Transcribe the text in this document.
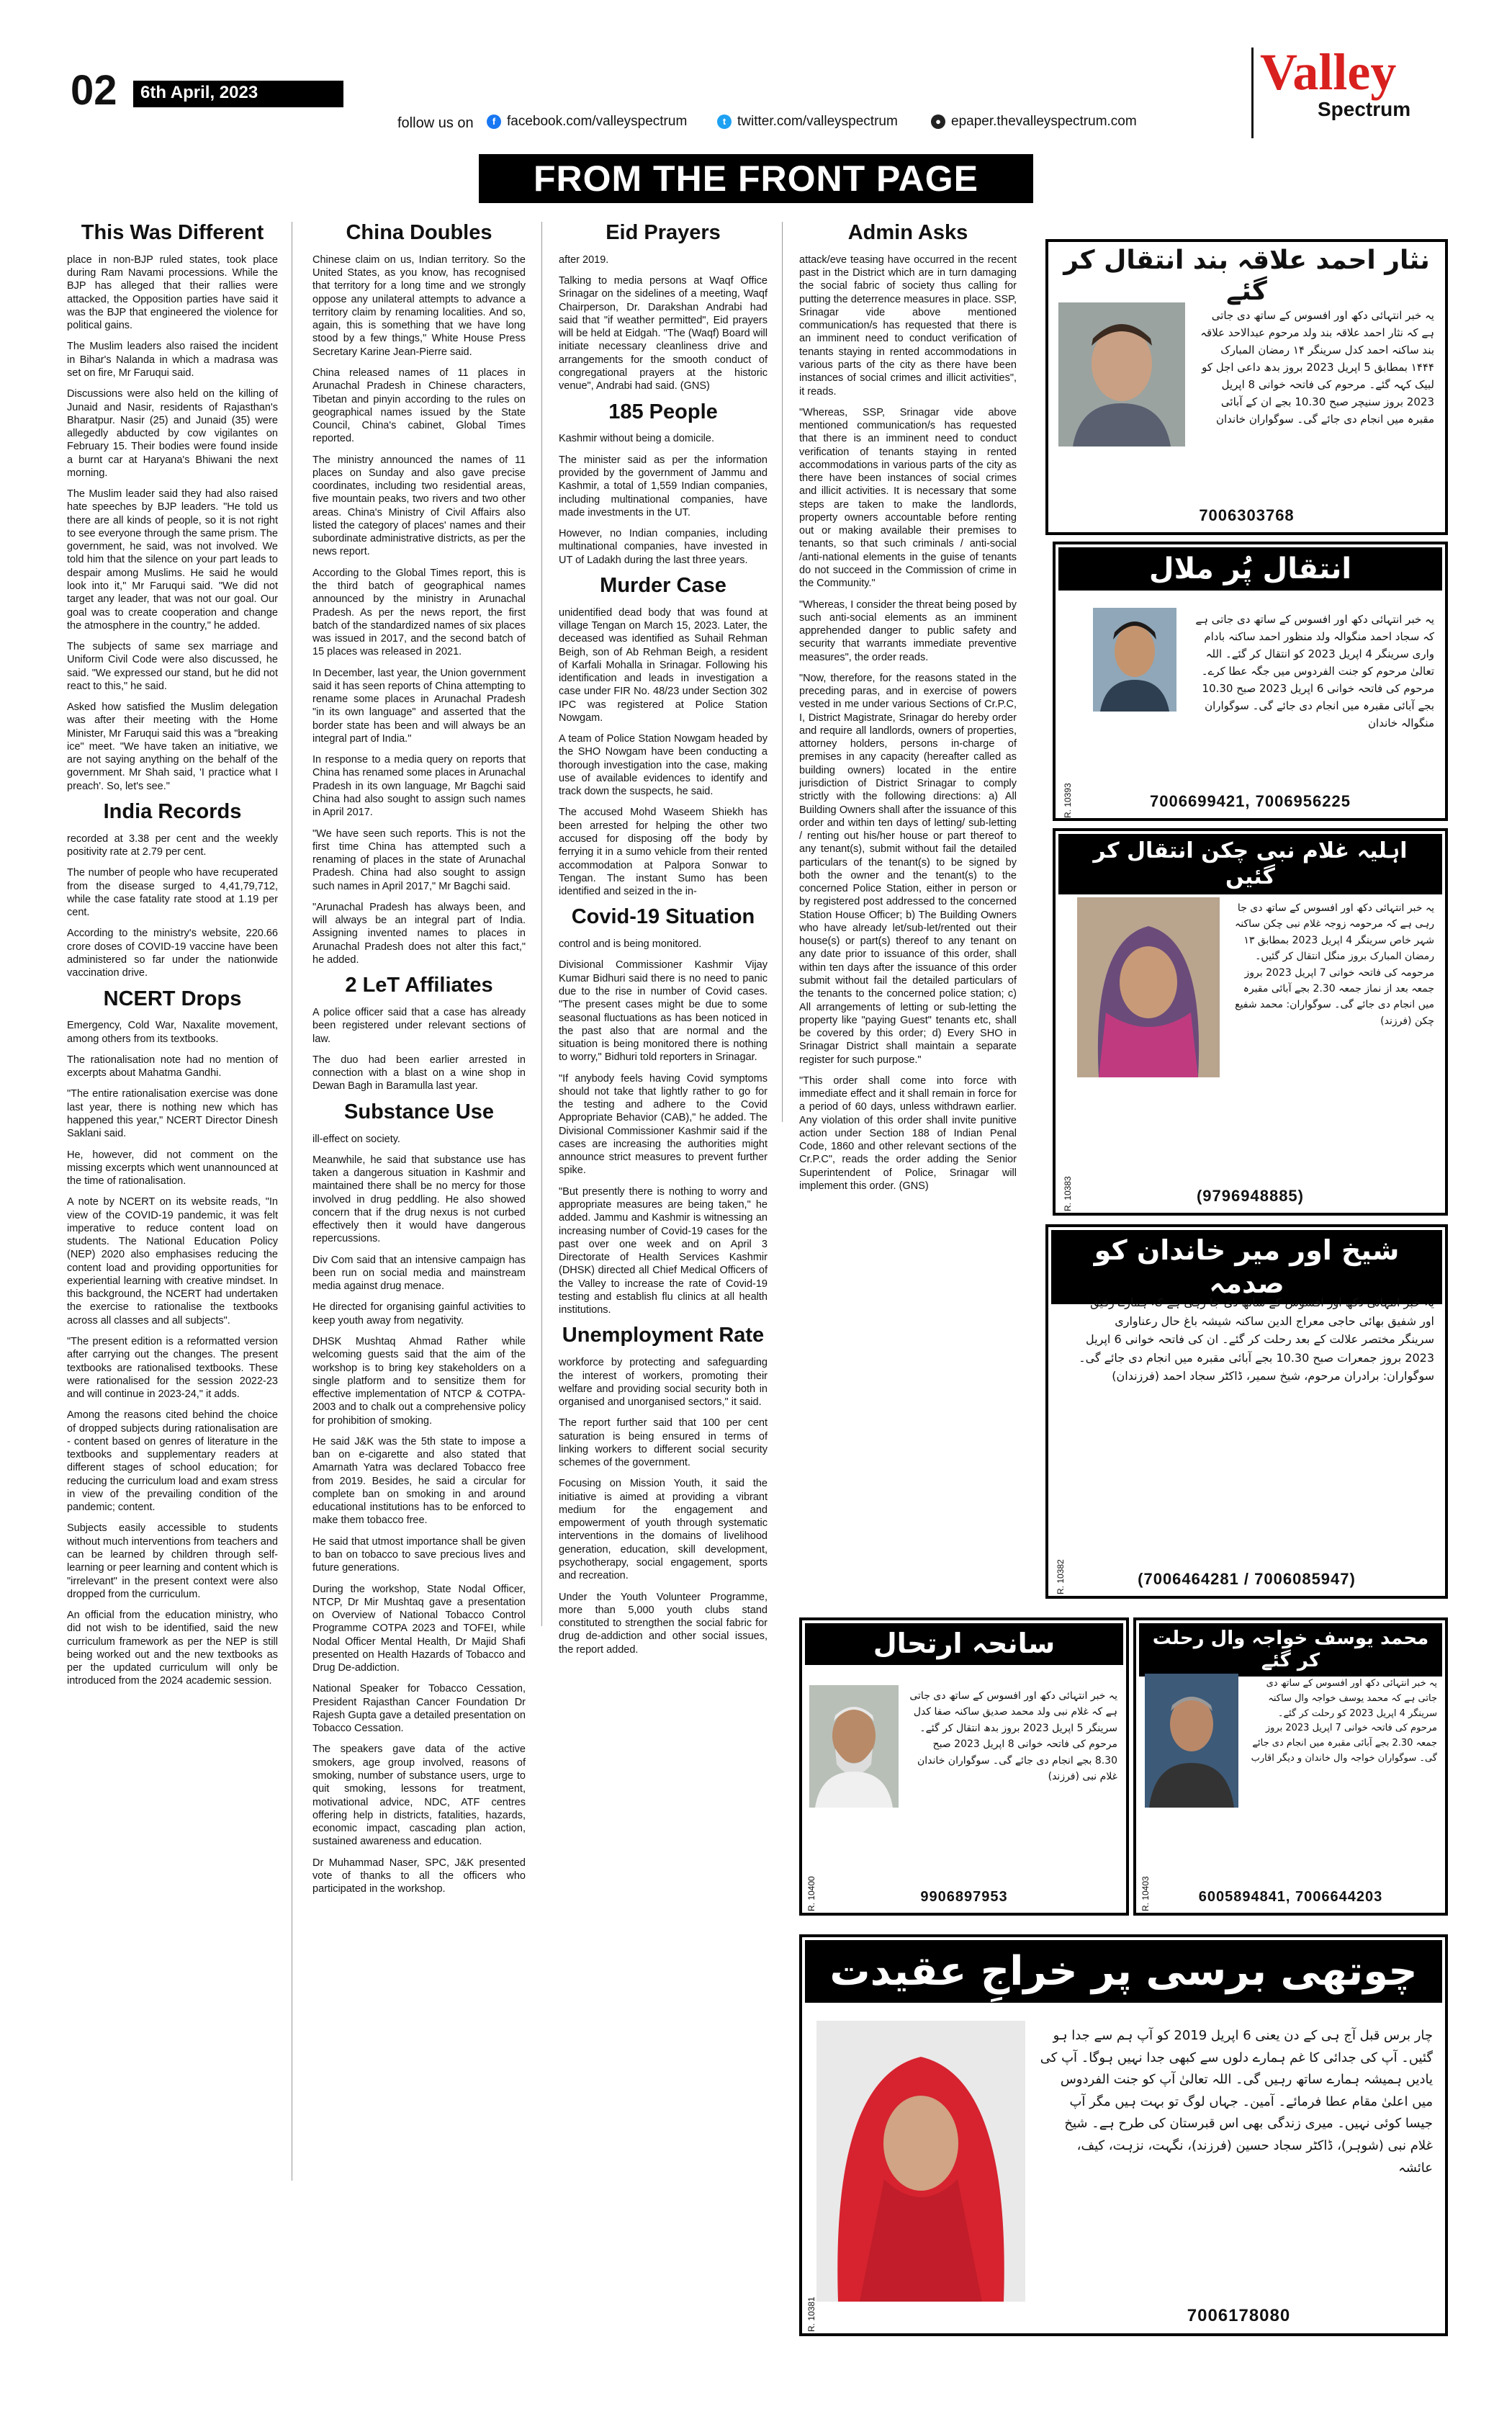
02	6th April, 2023
follow us on	f facebook.com/valleyspectrum	t twitter.com/valleyspectrum	● epaper.thevalleyspectrum.com
Valley
Spectrum
FROM THE FRONT PAGE
This Was Different

place in non-BJP ruled states, took place during Ram Navami processions. While the BJP has alleged that their rallies were attacked, the Opposition parties have said it was the BJP that engineered the violence for political gains.

The Muslim leaders also raised the incident in Bihar's Nalanda in which a madrasa was set on fire, Mr Faruqui said.

Discussions were also held on the killing of Junaid and Nasir, residents of Rajasthan's Bharatpur. Nasir (25) and Junaid (35) were allegedly abducted by cow vigilantes on February 15. Their bodies were found inside a burnt car at Haryana's Bhiwani the next morning.

The Muslim leader said they had also raised hate speeches by BJP leaders. "He told us there are all kinds of people, so it is not right to see everyone through the same prism. The government, he said, was not involved. We told him that the silence on your part leads to despair among Muslims. He said he would look into it," Mr Faruqui said. "We did not target any leader, that was not our goal. Our goal was to create cooperation and change the atmosphere in the country," he added.

The subjects of same sex marriage and Uniform Civil Code were also discussed, he said. "We expressed our stand, but he did not react to this," he said.

Asked how satisfied the Muslim delegation was after their meeting with the Home Minister, Mr Faruqui said this was a "breaking ice" meet. "We have taken an initiative, we are not saying anything on the behalf of the government. Mr Shah said, 'I practice what I preach'. So, let's see."

India Records

recorded at 3.38 per cent and the weekly positivity rate at 2.79 per cent.

The number of people who have recuperated from the disease surged to 4,41,79,712, while the case fatality rate stood at 1.19 per cent.

According to the ministry's website, 220.66 crore doses of COVID-19 vaccine have been administered so far under the nationwide vaccination drive.

NCERT Drops

Emergency, Cold War, Naxalite movement, among others from its textbooks.

The rationalisation note had no mention of excerpts about Mahatma Gandhi.

"The entire rationalisation exercise was done last year, there is nothing new which has happened this year," NCERT Director Dinesh Saklani said.

He, however, did not comment on the missing excerpts which went unannounced at the time of rationalisation.

A note by NCERT on its website reads, "In view of the COVID-19 pandemic, it was felt imperative to reduce content load on students. The National Education Policy (NEP) 2020 also emphasises reducing the content load and providing opportunities for experiential learning with creative mindset. In this background, the NCERT had undertaken the exercise to rationalise the textbooks across all classes and all subjects".

"The present edition is a reformatted version after carrying out the changes. The present textbooks are rationalised textbooks. These were rationalised for the session 2022-23 and will continue in 2023-24," it adds.

Among the reasons cited behind the choice of dropped subjects during rationalisation are - content based on genres of literature in the textbooks and supplementary readers at different stages of school education; for reducing the curriculum load and exam stress in view of the prevailing condition of the pandemic; content.

Subjects easily accessible to students without much interventions from teachers and can be learned by children through self-learning or peer learning and content which is "irrelevant" in the present context were also dropped from the curriculum.

An official from the education ministry, who did not wish to be identified, said the new curriculum framework as per the NEP is still being worked out and the new textbooks as per the updated curriculum will only be introduced from the 2024 academic session.

China Doubles

Chinese claim on us, Indian territory. So the United States, as you know, has recognised that territory for a long time and we strongly oppose any unilateral attempts to advance a territory claim by renaming localities. And so, again, this is something that we have long stood by a few things," White House Press Secretary Karine Jean-Pierre said.

China released names of 11 places in Arunachal Pradesh in Chinese characters, Tibetan and pinyin according to the rules on geographical names issued by the State Council, China's cabinet, Global Times reported.

The ministry announced the names of 11 places on Sunday and also gave precise coordinates, including two residential areas, five mountain peaks, two rivers and two other areas. China's Ministry of Civil Affairs also listed the category of places' names and their subordinate administrative districts, as per the news report.

According to the Global Times report, this is the third batch of geographical names announced by the ministry in Arunachal Pradesh. As per the news report, the first batch of the standardized names of six places was issued in 2017, and the second batch of 15 places was released in 2021.

In December, last year, the Union government said it has seen reports of China attempting to rename some places in Arunachal Pradesh "in its own language" and asserted that the border state has been and will always be an integral part of India."

In response to a media query on reports that China has renamed some places in Arunachal Pradesh in its own language, Mr Bagchi said China had also sought to assign such names in April 2017.

"We have seen such reports. This is not the first time China has attempted such a renaming of places in the state of Arunachal Pradesh. China had also sought to assign such names in April 2017," Mr Bagchi said.

"Arunachal Pradesh has always been, and will always be an integral part of India. Assigning invented names to places in Arunachal Pradesh does not alter this fact," he added.

2 LeT Affiliates

A police officer said that a case has already been registered under relevant sections of law.

The duo had been earlier arrested in connection with a blast on a wine shop in Dewan Bagh in Baramulla last year.

Substance Use

ill-effect on society.

Meanwhile, he said that substance use has taken a dangerous situation in Kashmir and maintained there shall be no mercy for those involved in drug peddling. He also showed concern that if the drug nexus is not curbed effectively then it would have dangerous repercussions.

Div Com said that an intensive campaign has been run on social media and mainstream media against drug menace.

He directed for organising gainful activities to keep youth away from negativity.

DHSK Mushtaq Ahmad Rather while welcoming guests said that the aim of the workshop is to bring key stakeholders on a single platform and to sensitize them for effective implementation of NTCP & COTPA-2003 and to chalk out a comprehensive policy for prohibition of smoking.

He said J&K was the 5th state to impose a ban on e-cigarette and also stated that Amarnath Yatra was declared Tobacco free from 2019. Besides, he said a circular for complete ban on smoking in and around educational institutions has to be enforced to make them tobacco free.

He said that utmost importance shall be given to ban on tobacco to save precious lives and future generations.

During the workshop, State Nodal Officer, NTCP, Dr Mir Mushtaq gave a presentation on Overview of National Tobacco Control Programme COTPA 2023 and TOFEI, while Nodal Officer Mental Health, Dr Majid Shafi presented on Health Hazards of Tobacco and Drug De-addiction.

National Speaker for Tobacco Cessation, President Rajasthan Cancer Foundation Dr Rajesh Gupta gave a detailed presentation on Tobacco Cessation.

The speakers gave data of the active smokers, age group involved, reasons of smoking, number of substance users, urge to quit smoking, lessons for treatment, motivational advice, NDC, ATF centres offering help in districts, fatalities, hazards, economic impact, cascading plan action, sustained awareness and education.

Dr Muhammad Naser, SPC, J&K presented vote of thanks to all the officers who participated in the workshop.

Eid Prayers

after 2019.

Talking to media persons at Waqf Office Srinagar on the sidelines of a meeting, Waqf Chairperson, Dr. Darakshan Andrabi had said that "if weather permitted", Eid prayers will be held at Eidgah. "The (Waqf) Board will initiate necessary cleanliness drive and arrangements for the smooth conduct of congregational prayers at the historic venue", Andrabi had said. (GNS)

185 People

Kashmir without being a domicile.

The minister said as per the information provided by the government of Jammu and Kashmir, a total of 1,559 Indian companies, including multinational companies, have made investments in the UT.

However, no Indian companies, including multinational companies, have invested in UT of Ladakh during the last three years.

Murder Case

unidentified dead body that was found at village Tengan on March 15, 2023. Later, the deceased was identified as Suhail Rehman Beigh, son of Ab Rehman Beigh, a resident of Karfali Mohalla in Srinagar. Following his identification and leads in investigation a case under FIR No. 48/23 under Section 302 IPC was registered at Police Station Nowgam.

A team of Police Station Nowgam headed by the SHO Nowgam have been conducting a thorough investigation into the case, making use of available evidences to identify and track down the suspects, he said.

The accused Mohd Waseem Shiekh has been arrested for helping the other two accused for disposing off the body by ferrying it in a sumo vehicle from their rented accommodation at Palpora Sonwar to Tengan. The instant Sumo has been identified and seized in the in-

Covid-19 Situation

control and is being monitored.

Divisional Commissioner Kashmir Vijay Kumar Bidhuri said there is no need to panic due to the rise in number of Covid cases. "The present cases might be due to some seasonal fluctuations as has been noticed in the past also that are normal and the situation is being monitored there is nothing to worry," Bidhuri told reporters in Srinagar.

"If anybody feels having Covid symptoms should not take that lightly rather to go for the testing and adhere to the Covid Appropriate Behavior (CAB)," he added. The Divisional Commissioner Kashmir said if the cases are increasing the authorities might announce strict measures to prevent further spike.

"But presently there is nothing to worry and appropriate measures are being taken," he added. Jammu and Kashmir is witnessing an increasing number of Covid-19 cases for the past over one week and on April 3 Directorate of Health Services Kashmir (DHSK) directed all Chief Medical Officers of the Valley to increase the rate of Covid-19 testing and establish flu clinics at all health institutions.

Unemployment Rate

workforce by protecting and safeguarding the interest of workers, promoting their welfare and providing social security both in organised and unorganised sectors," it said.

The report further said that 100 per cent saturation is being ensured in terms of linking workers to different social security schemes of the government.

Focusing on Mission Youth, it said the initiative is aimed at providing a vibrant medium for the engagement and empowerment of youth through systematic interventions in the domains of livelihood generation, education, skill development, psychotherapy, social engagement, sports and recreation.

Under the Youth Volunteer Programme, more than 5,000 youth clubs stand constituted to strengthen the social fabric for drug de-addiction and other social issues, the report added.

Admin Asks

attack/eve teasing have occurred in the recent past in the District which are in turn damaging the social fabric of society thus calling for putting the deterrence measures in place. SSP, Srinagar vide above mentioned communication/s has requested that there is an imminent need to conduct verification of tenants staying in rented accommodations in various parts of the city as there have been instances of social crimes and illicit activities", it reads.

"Whereas, SSP, Srinagar vide above mentioned communication/s has requested that there is an imminent need to conduct verification of tenants staying in rented accommodations in various parts of the city as there have been instances of social crimes and illicit activities. It is necessary that some steps are taken to make the landlords, property owners accountable before renting out or making available their premises to tenants, so that such criminals / anti-social /anti-national elements in the guise of tenants do not succeed in the Commission of crime in the Community."

"Whereas, I consider the threat being posed by such anti-social elements as an imminent apprehended danger to public safety and security that warrants immediate preventive measures", the order reads.

"Now, therefore, for the reasons stated in the preceding paras, and in exercise of powers vested in me under various Sections of Cr.P.C, I, District Magistrate, Srinagar do hereby order and require all landlords, owners of properties, attorney holders, persons in-charge of premises in any capacity (hereafter called as building owners) located in the entire jurisdiction of District Srinagar to comply strictly with the following directions: a) All Building Owners shall after the issuance of this order and within ten days of letting/ sub-letting / renting out his/her house or part thereof to any tenant(s), submit without fail the detailed particulars of the tenant(s) to be signed by both the owner and the tenant(s) to the concerned Police Station, either in person or by registered post addressed to the concerned Station House Officer; b) The Building Owners who have already let/sub-let/rented out their house(s) or part(s) thereof to any tenant on any date prior to issuance of this order, shall within ten days after the issuance of this order submit without fail the detailed particulars of the tenants to the concerned police station; c) All arrangements of letting or sub-letting the property like "paying Guest" tenants etc, shall be covered by this order; d) Every SHO in Srinagar District shall maintain a separate register for such purpose."

"This order shall come into force with immediate effect and it shall remain in force for a period of 60 days, unless withdrawn earlier. Any violation of this order shall invite punitive action under Section 188 of Indian Penal Code, 1860 and other relevant sections of the Cr.P.C", reads the order adding the Senior Superintendent of Police, Srinagar will implement this order. (GNS)

نثار احمد علاقہ بند انتقال کر گئے
یہ خبر انتہائی دکھ اور افسوس کے ساتھ دی جاتی ہے کہ نثار احمد علاقہ بند ولد مرحوم عبدالاحد علاقہ بند ساکنہ احمد کدل سرینگر ۱۴ رمضان المبارک ۱۴۴۴ بمطابق 5 اپریل 2023 بروز بدھ داعی اجل کو لبیک کہہ گئے۔ مرحوم کی فاتحہ خوانی 8 اپریل 2023 بروز سنیچر صبح 10.30 بجے ان کے آبائی مقبرہ میں انجام دی جائے گی۔ سوگواران خاندان
7006303768
انتقال پُر ملال
یہ خبر انتہائی دکھ اور افسوس کے ساتھ دی جاتی ہے کہ سجاد احمد منگوالہ ولد منظور احمد ساکنہ بادام واری سرینگر 4 اپریل 2023 کو انتقال کر گئے۔ اللہ تعالیٰ مرحوم کو جنت الفردوس میں جگہ عطا کرے۔ مرحوم کی فاتحہ خوانی 6 اپریل 2023 صبح 10.30 بجے آبائی مقبرہ میں انجام دی جائے گی۔ سوگواران منگوالہ خاندان
7006699421, 7006956225
R. 10393
اہلیہ غلام نبی چکن انتقال کر گئیں
یہ خبر انتہائی دکھ اور افسوس کے ساتھ دی جا رہی ہے کہ مرحومہ زوجہ غلام نبی چکن ساکنہ شہر خاص سرینگر 4 اپریل 2023 بمطابق ۱۳ رمضان المبارک بروز منگل انتقال کر گئیں۔ مرحومہ کی فاتحہ خوانی 7 اپریل 2023 بروز جمعہ بعد از نماز جمعہ 2.30 بجے آبائی مقبرہ میں انجام دی جائے گی۔ سوگواران: محمد شفیع چکن (فرزند)
(9796948885)
R. 10383
شیخ اور میر خاندان کو صدمہ
یہ خبر انتہائی دکھ اور افسوس کے ساتھ دی جا رہی ہے کہ ہمارے رفیق اور شفیق بھائی حاجی معراج الدین ساکنہ شیشہ باغ حال رعناواری سرینگر مختصر علالت کے بعد رحلت کر گئے۔ ان کی فاتحہ خوانی 6 اپریل 2023 بروز جمعرات صبح 10.30 بجے آبائی مقبرہ میں انجام دی جائے گی۔ سوگواران: برادران مرحوم، شیخ سمیر، ڈاکٹر سجاد احمد (فرزندان)
(7006464281 / 7006085947)
R. 10382
سانحہ ارتحال
یہ خبر انتہائی دکھ اور افسوس کے ساتھ دی جاتی ہے کہ غلام نبی ولد محمد صدیق ساکنہ صفا کدل سرینگر 5 اپریل 2023 بروز بدھ انتقال کر گئے۔ مرحوم کی فاتحہ خوانی 8 اپریل 2023 صبح 8.30 بجے انجام دی جائے گی۔ سوگواران خاندان غلام نبی (فرزند)
9906897953
R. 10400
محمد یوسف خواجہ وال رحلت کر گئے
یہ خبر انتہائی دکھ اور افسوس کے ساتھ دی جاتی ہے کہ محمد یوسف خواجہ وال ساکنہ سرینگر 4 اپریل 2023 کو رحلت کر گئے۔ مرحوم کی فاتحہ خوانی 7 اپریل 2023 بروز جمعہ 2.30 بجے آبائی مقبرہ میں انجام دی جائے گی۔ سوگواران خواجہ وال خاندان و دیگر اقارب
6005894841, 7006644203
R. 10403
چوتھی برسی پر خراجِ عقیدت
چار برس قبل آج ہی کے دن یعنی 6 اپریل 2019 کو آپ ہم سے جدا ہو گئیں۔ آپ کی جدائی کا غم ہمارے دلوں سے کبھی جدا نہیں ہوگا۔ آپ کی یادیں ہمیشہ ہمارے ساتھ رہیں گی۔ اللہ تعالیٰ آپ کو جنت الفردوس میں اعلیٰ مقام عطا فرمائے۔ آمین۔ جہاں لوگ تو بہت ہیں مگر آپ جیسا کوئی نہیں۔ میری زندگی بھی اس قبرستان کی طرح ہے۔ شیخ غلام نبی (شوہر)، ڈاکٹر سجاد حسین (فرزند)، نگہت، نزہت، کیف، عائشہ
7006178080
R. 10381
